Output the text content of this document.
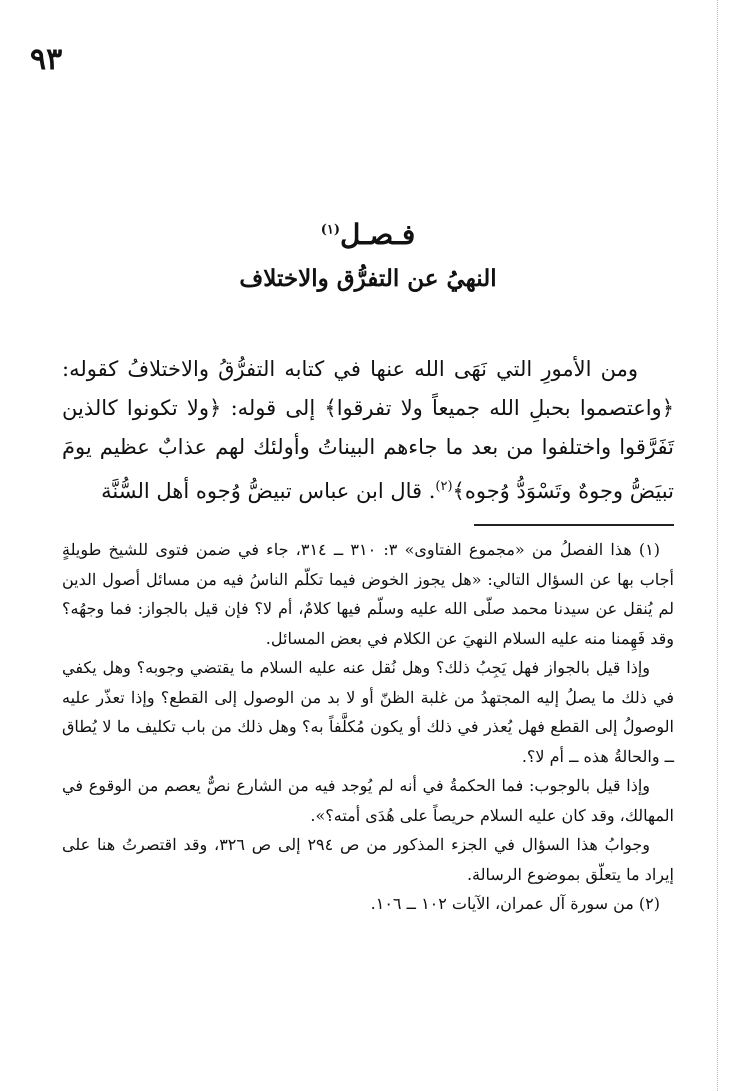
٩٣
فـصـل$^{(١)}$
النهيُ عن التفرُّق والاختلاف

ومن الأمورِ التي نَهَى الله عنها في كتابه التفرُّقُ والاختلافُ كقوله: ﴿واعتصموا بحبلِ الله جميعاً ولا تفرقوا﴾ إلى قوله: ﴿ولا تكونوا كالذين تَفَرَّقوا واختلفوا من بعد ما جاءهم البيناتُ وأولئك لهم عذابٌ عظيم يومَ تبيَضُّ وجوهٌ وتَسْوَدُّ وُجوه﴾$^{(٢)}$. قال ابن عباس تبيضُّ وُجوه أهل السُّنَّة

(١) هذا الفصلُ من «مجموع الفتاوى» ٣: ٣١٠ ــ ٣١٤، جاء في ضمن فتوى للشيخ طويلةٍ أجاب بها عن السؤال التالي: «هل يجوز الخوض فيما تكلّم الناسُ فيه من مسائل أصول الدين لم يُنقل عن سيدنا محمد صلّى الله عليه وسلّم فيها كلامٌ، أم لا؟ فإن قيل بالجواز: فما وجهُه؟ وقد فَهِمنا منه عليه السلام النهيَ عن الكلام في بعض المسائل.

وإذا قيل بالجواز فهل يَجِبُ ذلك؟ وهل نُقل عنه عليه السلام ما يقتضي وجوبه؟ وهل يكفي في ذلك ما يصلُ إليه المجتهدُ من غلبة الظنّ أو لا بد من الوصول إلى القطع؟ وإذا تعذّر عليه الوصولُ إلى القطع فهل يُعذر في ذلك أو يكون مُكلَّفاً به؟ وهل ذلك من باب تكليف ما لا يُطاق ــ والحالةُ هذه ــ أم لا؟.

وإذا قيل بالوجوب: فما الحكمةُ في أنه لم يُوجد فيه من الشارع نصٌّ يعصم من الوقوع في المهالك، وقد كان عليه السلام حريصاً على هُدَى أمته؟».

وجوابُ هذا السؤال في الجزء المذكور من ص ٢٩٤ إلى ص ٣٢٦، وقد اقتصرتُ هنا على إيراد ما يتعلّق بموضوع الرسالة.

(٢) من سورة آل عمران، الآيات ١٠٢ ــ ١٠٦.
